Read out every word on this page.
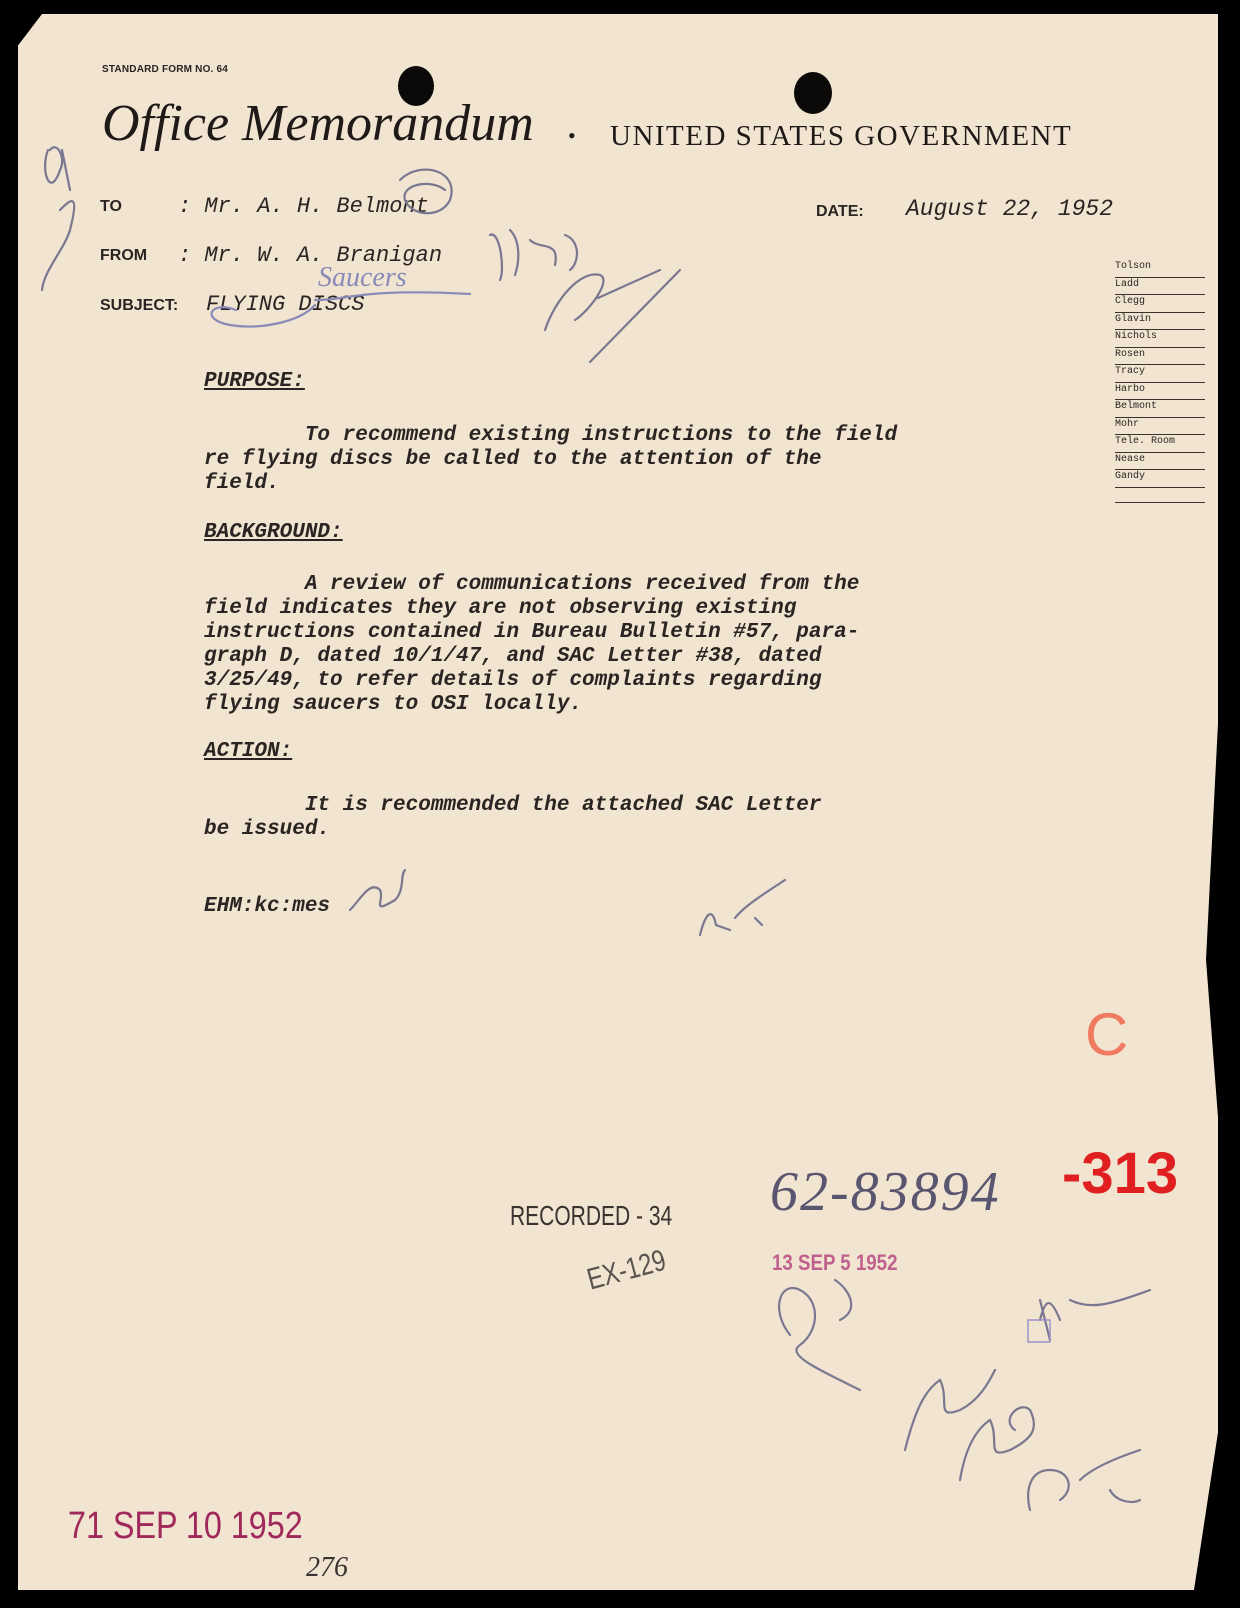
STANDARD FORM NO. 64
Office Memorandum • UNITED STATES GOVERNMENT
TO	: Mr. A. H. Belmont
FROM : Mr. W. A. Branigan
SUBJECT: FLYING DISCS
DATE: August 22, 1952
Tolson
Ladd
Clegg
Glavin
Nichols
Rosen
Tracy
Harbo
Belmont
Mohr
Tele. Room
Nease
Gandy
PURPOSE:
To recommend existing instructions to the field
re flying discs be called to the attention of the
field.
BACKGROUND:
A review of communications received from the
field indicates they are not observing existing
instructions contained in Bureau Bulletin #57, para-
graph D, dated 10/1/47, and SAC Letter #38, dated
3/25/49, to refer details of complaints regarding
flying saucers to OSI locally.
ACTION:
It is recommended the attached SAC Letter
be issued.
EHM:kc:mes
Saucers
C
RECORDED - 34
EX-129
62-83894 -313
13 SEP 5 1952
71 SEP 10 1952
276
